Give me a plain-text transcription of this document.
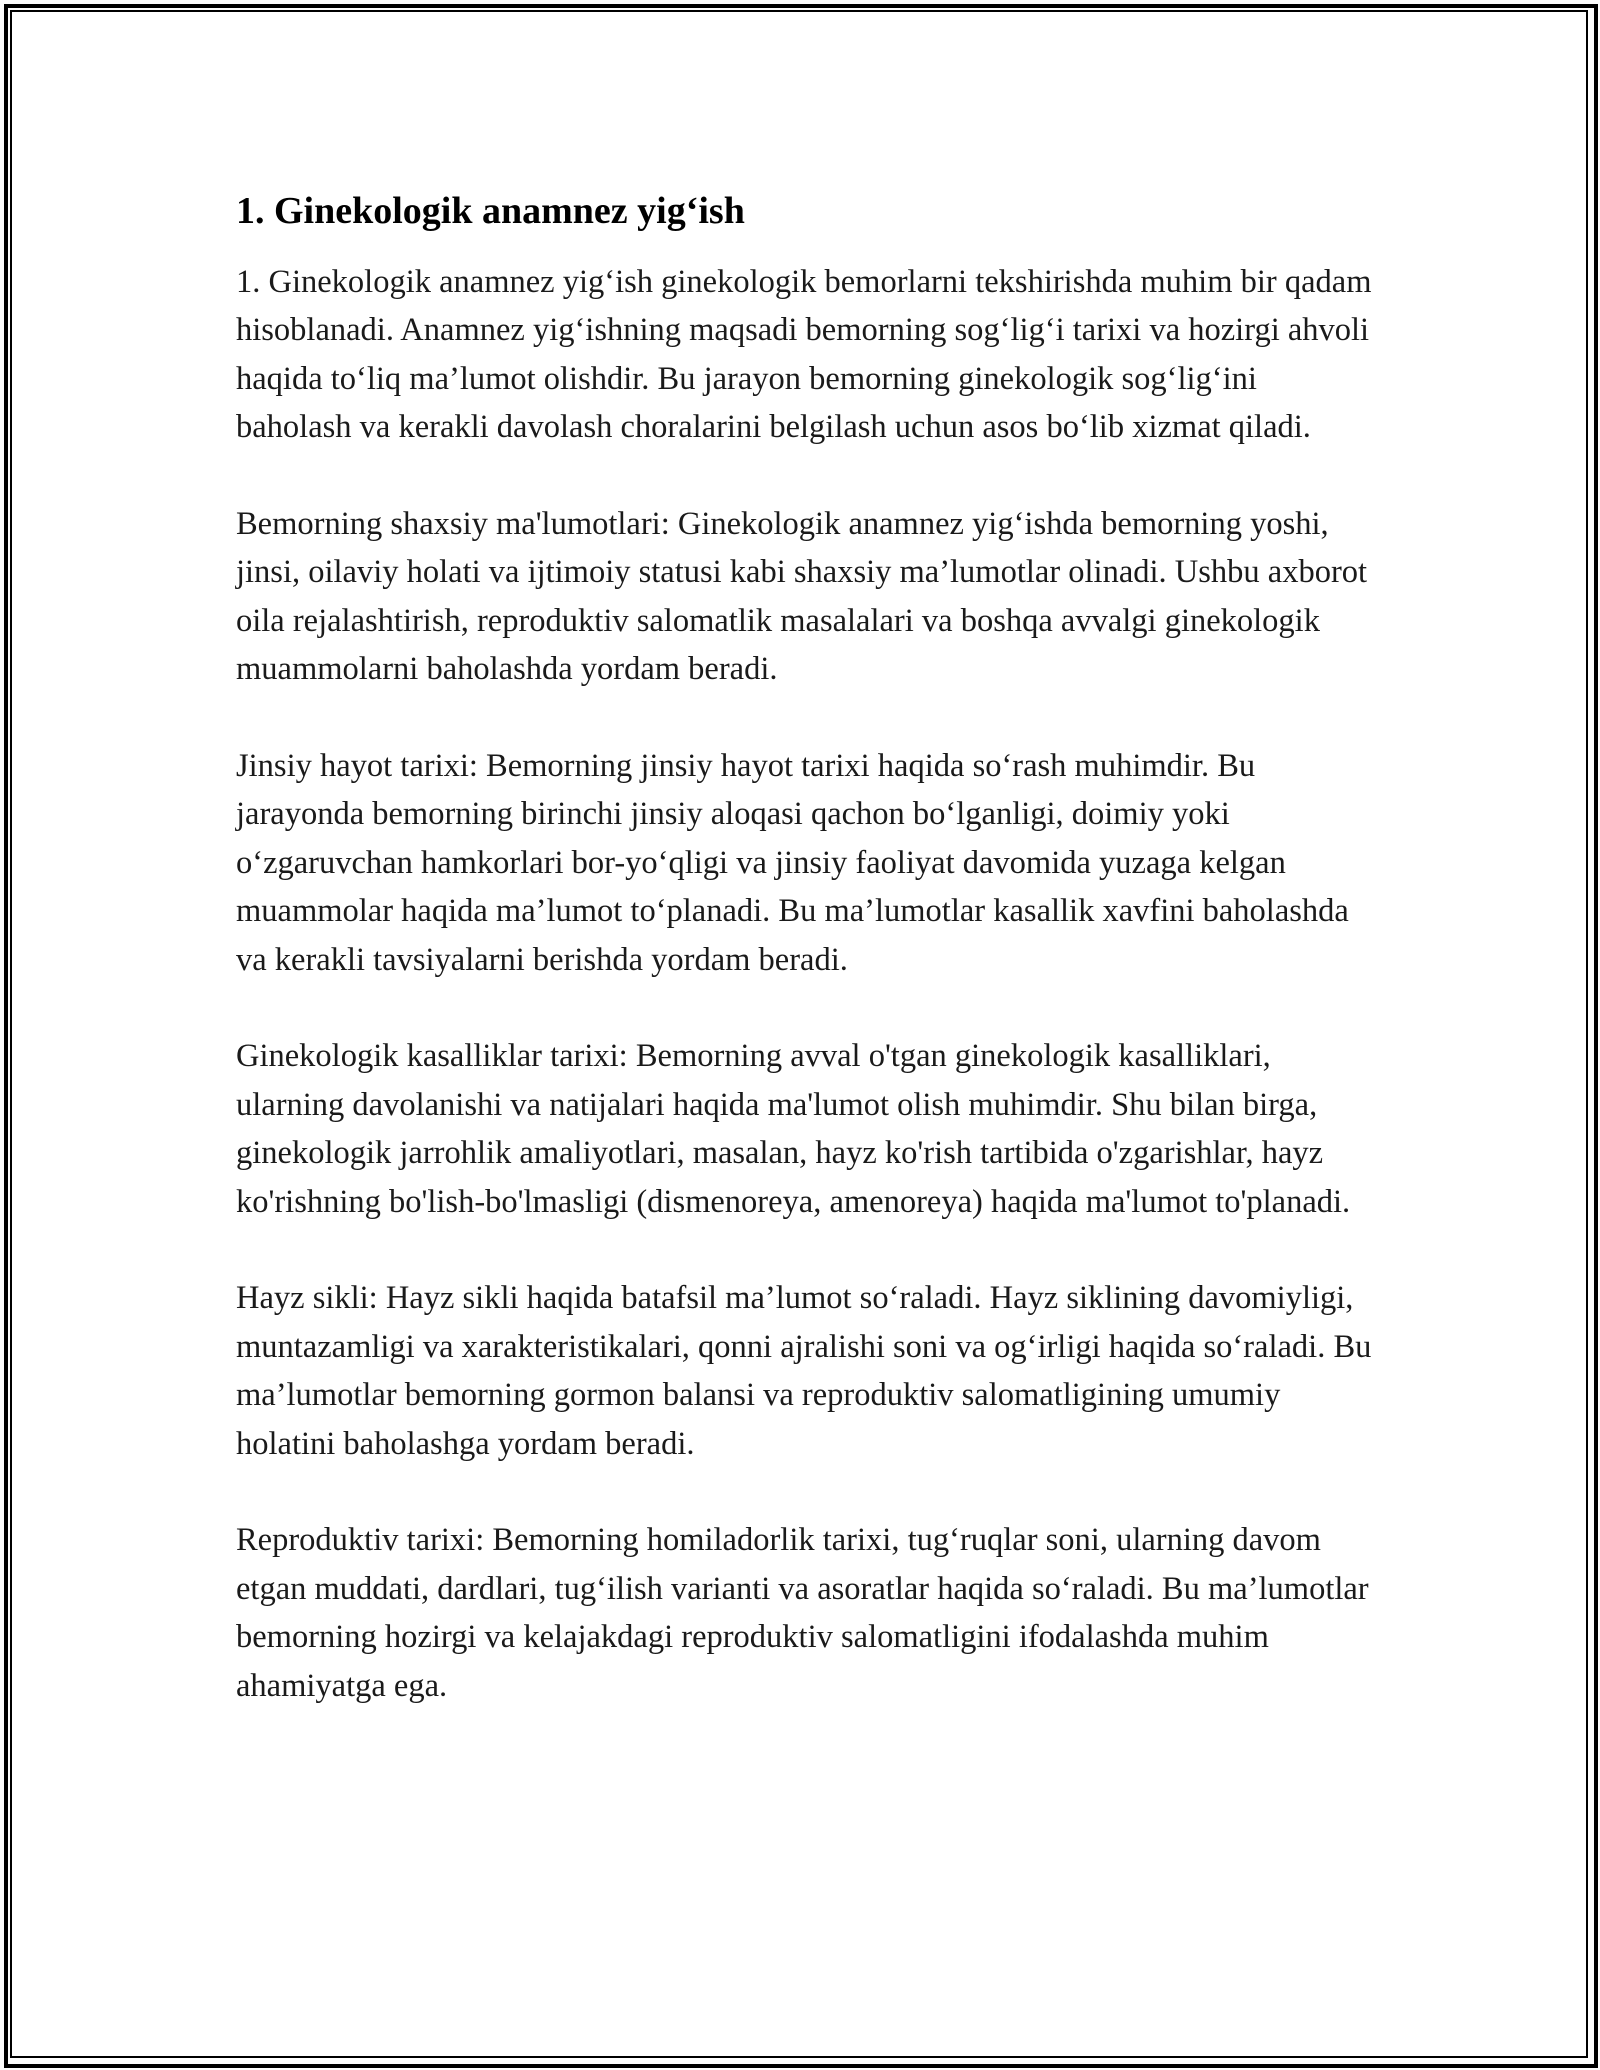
1. Ginekologik anamnez yig‘ish

1. Ginekologik anamnez yig‘ish ginekologik bemorlarni tekshirishda muhim bir qadam hisoblanadi. Anamnez yig‘ishning maqsadi bemorning sog‘lig‘i tarixi va hozirgi ahvoli haqida to‘liq ma’lumot olishdir. Bu jarayon bemorning ginekologik sog‘lig‘ini baholash va kerakli davolash choralarini belgilash uchun asos bo‘lib xizmat qiladi.

Bemorning shaxsiy ma'lumotlari: Ginekologik anamnez yig‘ishda bemorning yoshi, jinsi, oilaviy holati va ijtimoiy statusi kabi shaxsiy ma’lumotlar olinadi. Ushbu axborot oila rejalashtirish, reproduktiv salomatlik masalalari va boshqa avvalgi ginekologik muammolarni baholashda yordam beradi.

Jinsiy hayot tarixi: Bemorning jinsiy hayot tarixi haqida so‘rash muhimdir. Bu jarayonda bemorning birinchi jinsiy aloqasi qachon bo‘lganligi, doimiy yoki o‘zgaruvchan hamkorlari bor-yo‘qligi va jinsiy faoliyat davomida yuzaga kelgan muammolar haqida ma’lumot to‘planadi. Bu ma’lumotlar kasallik xavfini baholashda va kerakli tavsiyalarni berishda yordam beradi.

Ginekologik kasalliklar tarixi: Bemorning avval o'tgan ginekologik kasalliklari, ularning davolanishi va natijalari haqida ma'lumot olish muhimdir. Shu bilan birga, ginekologik jarrohlik amaliyotlari, masalan, hayz ko'rish tartibida o'zgarishlar, hayz ko'rishning bo'lish-bo'lmasligi (dismenoreya, amenoreya) haqida ma'lumot to'planadi.

Hayz sikli: Hayz sikli haqida batafsil ma’lumot so‘raladi. Hayz siklining davomiyligi, muntazamligi va xarakteristikalari, qonni ajralishi soni va og‘irligi haqida so‘raladi. Bu ma’lumotlar bemorning gormon balansi va reproduktiv salomatligining umumiy holatini baholashga yordam beradi.

Reproduktiv tarixi: Bemorning homiladorlik tarixi, tug‘ruqlar soni, ularning davom etgan muddati, dardlari, tug‘ilish varianti va asoratlar haqida so‘raladi. Bu ma’lumotlar bemorning hozirgi va kelajakdagi reproduktiv salomatligini ifodalashda muhim ahamiyatga ega.
